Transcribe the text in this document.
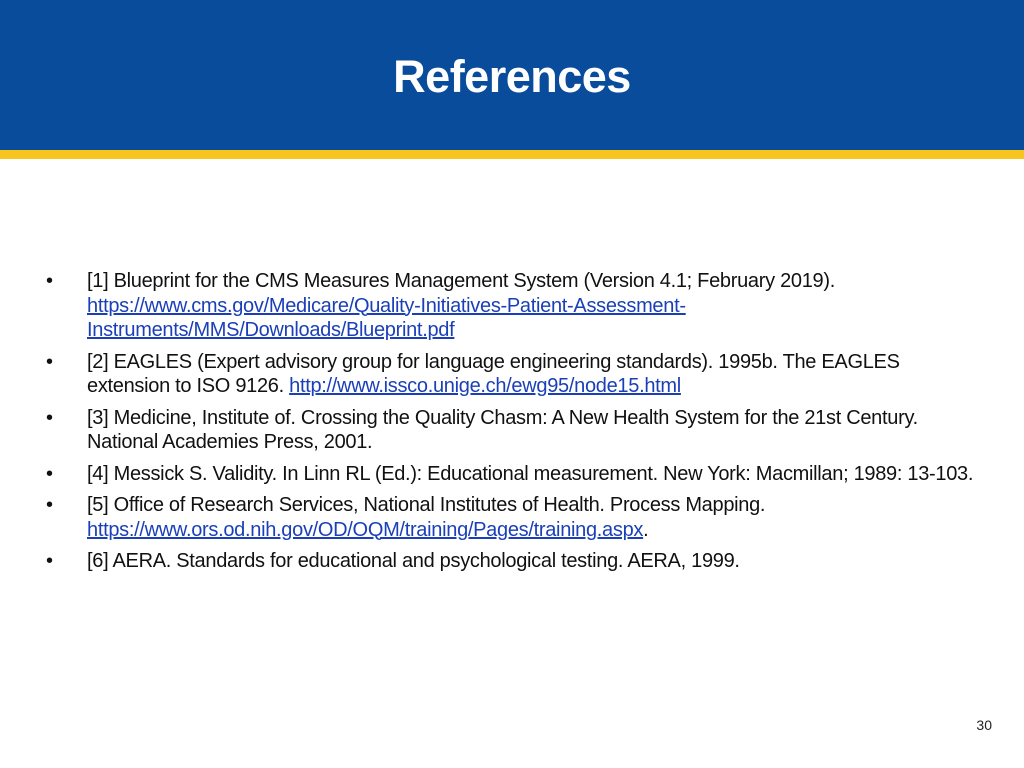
References
• [1] Blueprint for the CMS Measures Management System (Version 4.1; February 2019). https://www.cms.gov/Medicare/Quality-Initiatives-Patient-Assessment-Instruments/MMS/Downloads/Blueprint.pdf
• [2] EAGLES (Expert advisory group for language engineering standards). 1995b. The EAGLES extension to ISO 9126. http://www.issco.unige.ch/ewg95/node15.html
• [3] Medicine, Institute of. Crossing the Quality Chasm: A New Health System for the 21st Century. National Academies Press, 2001.
• [4] Messick S. Validity. In Linn RL (Ed.): Educational measurement. New York: Macmillan; 1989: 13-103.
• [5] Office of Research Services, National Institutes of Health. Process Mapping. https://www.ors.od.nih.gov/OD/OQM/training/Pages/training.aspx.
• [6] AERA. Standards for educational and psychological testing. AERA, 1999.
30
